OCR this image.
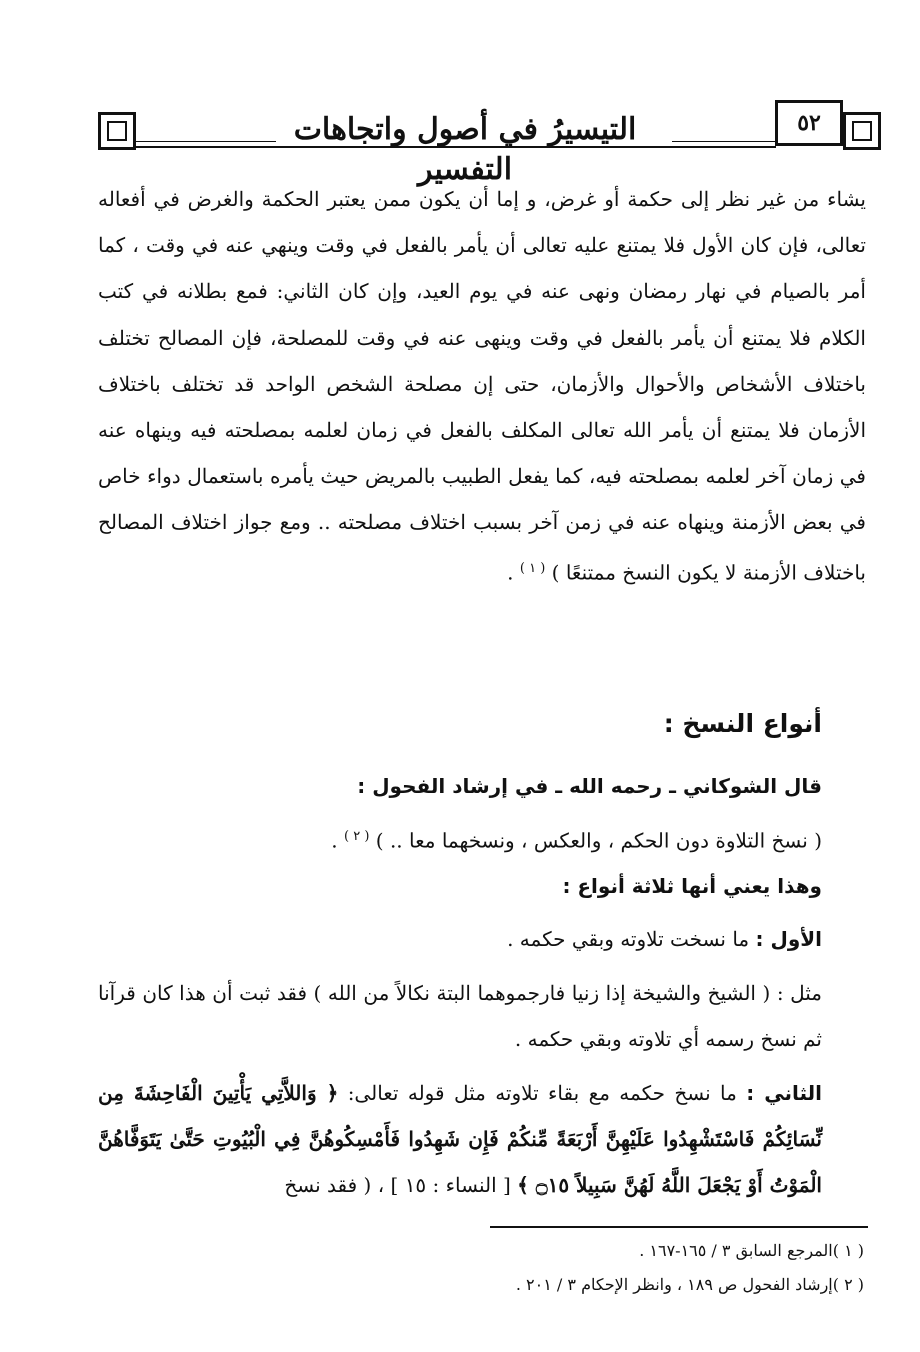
٥٢
التيسيرُ في أصول واتجاهات التفسير

يشاء من غير نظر إلى حكمة أو غرض، و إما أن يكون ممن يعتبر الحكمة والغرض في أفعاله تعالى، فإن كان الأول فلا يمتنع عليه تعالى أن يأمر بالفعل في وقت وينهي عنه في وقت ، كما أمر بالصيام في نهار رمضان ونهى عنه في يوم العيد، وإن كان الثاني: فمع بطلانه في كتب الكلام فلا يمتنع أن يأمر بالفعل في وقت وينهى عنه في وقت للمصلحة، فإن المصالح تختلف باختلاف الأشخاص والأحوال والأزمان، حتى إن مصلحة الشخص الواحد قد تختلف باختلاف الأزمان فلا يمتنع أن يأمر الله تعالى المكلف بالفعل في زمان لعلمه بمصلحته فيه وينهاه عنه في زمان آخر لعلمه بمصلحته فيه، كما يفعل الطبيب بالمريض حيث يأمره باستعمال دواء خاص في بعض الأزمنة وينهاه عنه في زمن آخر بسبب اختلاف مصلحته .. ومع جواز اختلاف المصالح باختلاف الأزمنة لا يكون النسخ ممتنعًا ) $^{( ١ )}$ .

أنواع النسخ :
قال الشوكاني ـ رحمه الله ـ في إرشاد الفحول :
( نسخ التلاوة دون الحكم ، والعكس ، ونسخهما معا .. ) $^{( ٢ )}$ .
وهذا يعني أنها ثلاثة أنواع :
الأول : ما نسخت تلاوته وبقي حكمه .
مثل : ( الشيخ والشيخة إذا زنيا فارجموهما البتة نكالاً من الله ) فقد ثبت أن هذا كان قرآنا ثم نسخ رسمه أي تلاوته وبقي حكمه .
الثاني : ما نسخ حكمه مع بقاء تلاوته مثل قوله تعالى: ﴿ وَاللاَّتِي يَأْتِينَ الْفَاحِشَةَ مِن نِّسَائِكُمْ فَاسْتَشْهِدُوا عَلَيْهِنَّ أَرْبَعَةً مِّنكُمْ فَإِن شَهِدُوا فَأَمْسِكُوهُنَّ فِي الْبُيُوتِ حَتَّىٰ يَتَوَفَّاهُنَّ الْمَوْتُ أَوْ يَجْعَلَ اللَّهُ لَهُنَّ سَبِيلاً ۝١٥ ﴾ [ النساء : ١٥ ] ، ( فقد نسخ
( ١ )المرجع السابق ٣ / ١٦٥-١٦٧ .
( ٢ )إرشاد الفحول ص ١٨٩ ، وانظر الإحكام ٣ / ٢٠١ .
